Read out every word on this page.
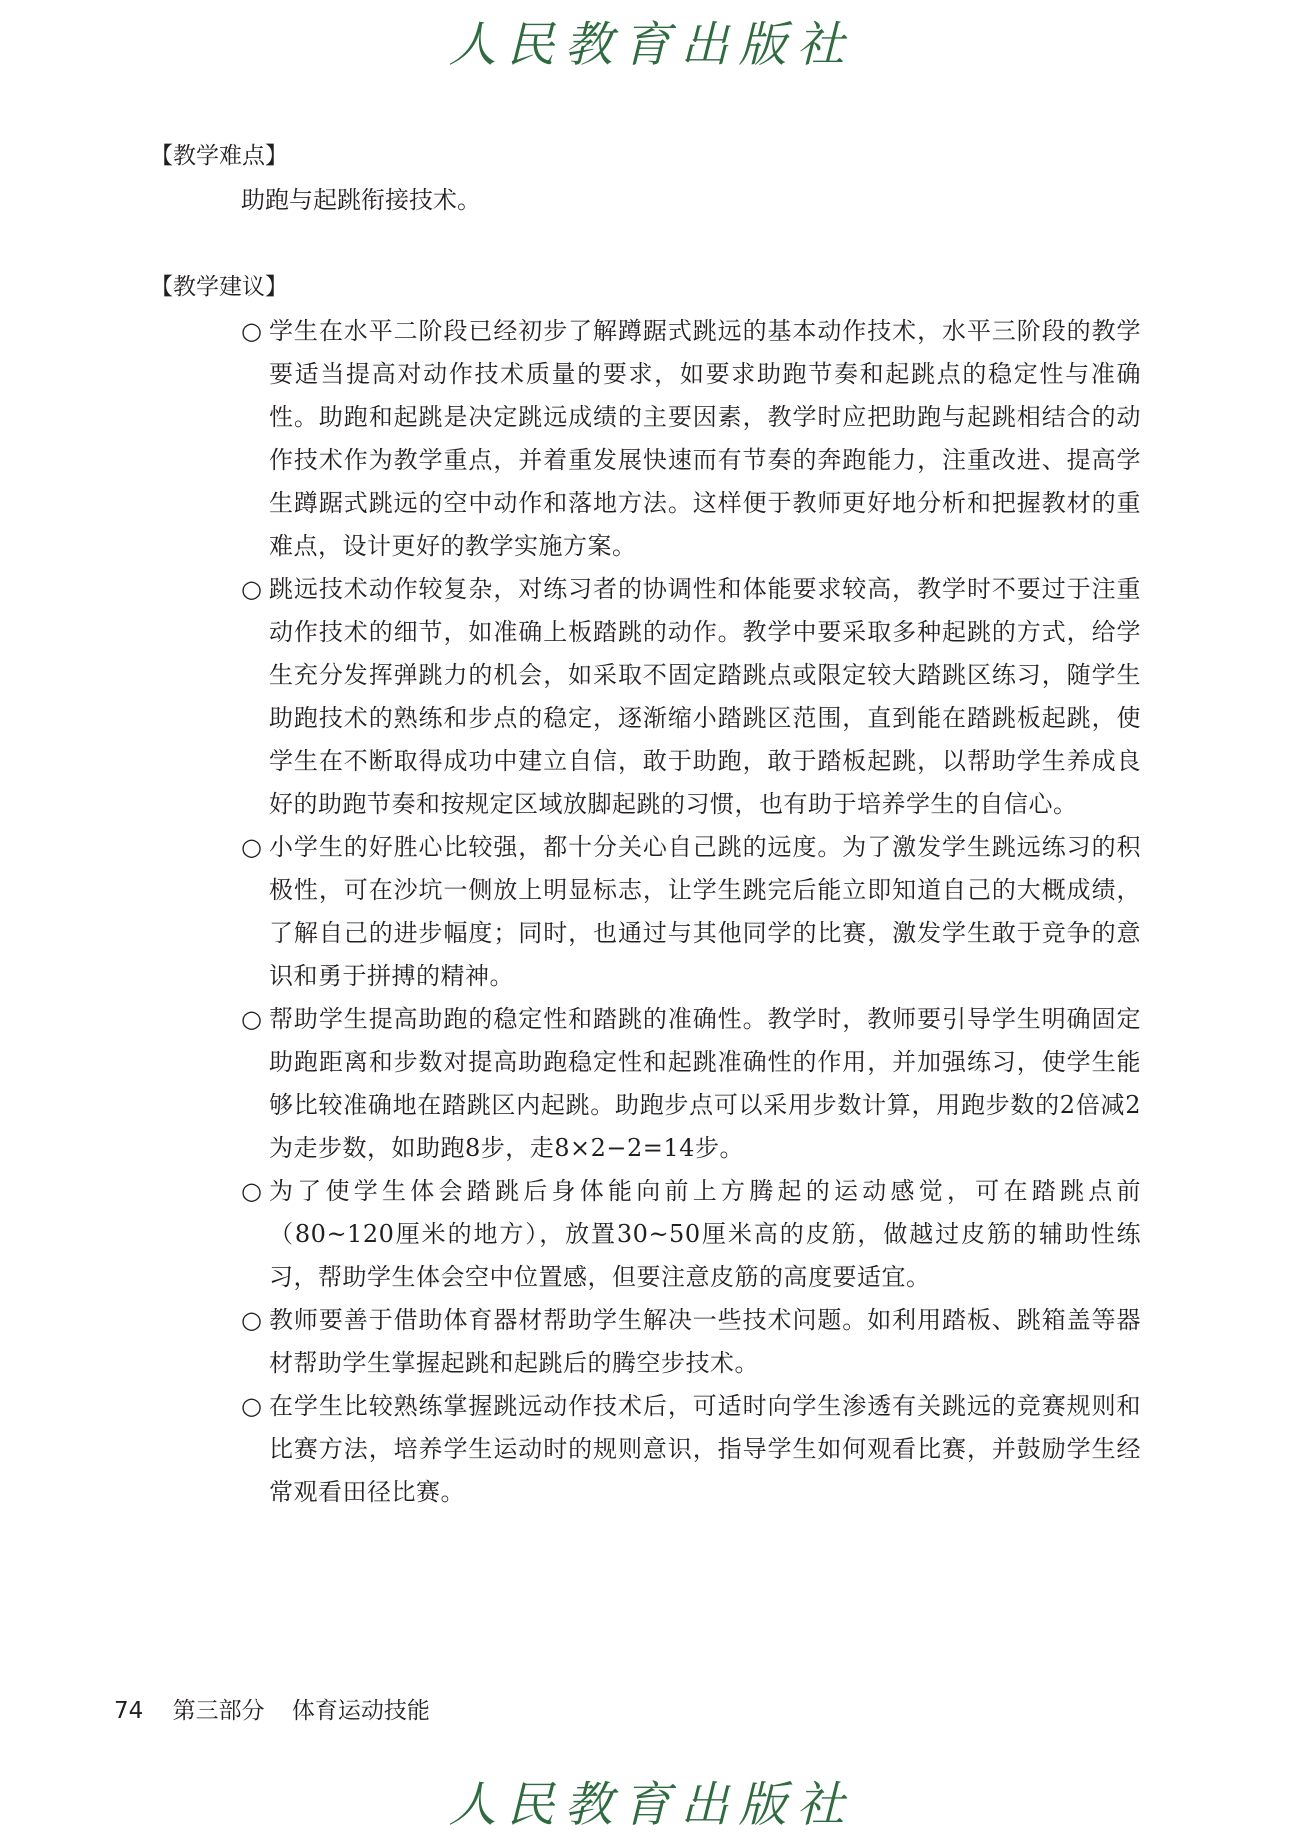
人民教育出版社
【教学难点】
助跑与起跳衔接技术。
【教学建议】
○ 学生在水平二阶段已经初步了解蹲踞式跳远的基本动作技术，水平三阶段的教学要适当提高对动作技术质量的要求，如要求助跑节奏和起跳点的稳定性与准确性。助跑和起跳是决定跳远成绩的主要因素，教学时应把助跑与起跳相结合的动作技术作为教学重点，并着重发展快速而有节奏的奔跑能力，注重改进、提高学生蹲踞式跳远的空中动作和落地方法。这样便于教师更好地分析和把握教材的重难点，设计更好的教学实施方案。
○ 跳远技术动作较复杂，对练习者的协调性和体能要求较高，教学时不要过于注重动作技术的细节，如准确上板踏跳的动作。教学中要采取多种起跳的方式，给学生充分发挥弹跳力的机会，如采取不固定踏跳点或限定较大踏跳区练习，随学生助跑技术的熟练和步点的稳定，逐渐缩小踏跳区范围，直到能在踏跳板起跳，使学生在不断取得成功中建立自信，敢于助跑，敢于踏板起跳，以帮助学生养成良好的助跑节奏和按规定区域放脚起跳的习惯，也有助于培养学生的自信心。
○ 小学生的好胜心比较强，都十分关心自己跳的远度。为了激发学生跳远练习的积极性，可在沙坑一侧放上明显标志，让学生跳完后能立即知道自己的大概成绩，了解自己的进步幅度；同时，也通过与其他同学的比赛，激发学生敢于竞争的意识和勇于拼搏的精神。
○ 帮助学生提高助跑的稳定性和踏跳的准确性。教学时，教师要引导学生明确固定助跑距离和步数对提高助跑稳定性和起跳准确性的作用，并加强练习，使学生能够比较准确地在踏跳区内起跳。助跑步点可以采用步数计算，用跑步数的2倍减2为走步数，如助跑8步，走8×2−2=14步。
○ 为了使学生体会踏跳后身体能向前上方腾起的运动感觉，可在踏跳点前（80~120厘米的地方），放置30~50厘米高的皮筋，做越过皮筋的辅助性练习，帮助学生体会空中位置感，但要注意皮筋的高度要适宜。
○ 教师要善于借助体育器材帮助学生解决一些技术问题。如利用踏板、跳箱盖等器材帮助学生掌握起跳和起跳后的腾空步技术。
○ 在学生比较熟练掌握跳远动作技术后，可适时向学生渗透有关跳远的竞赛规则和比赛方法，培养学生运动时的规则意识，指导学生如何观看比赛，并鼓励学生经常观看田径比赛。
74 第三部分 体育运动技能
人民教育出版社
